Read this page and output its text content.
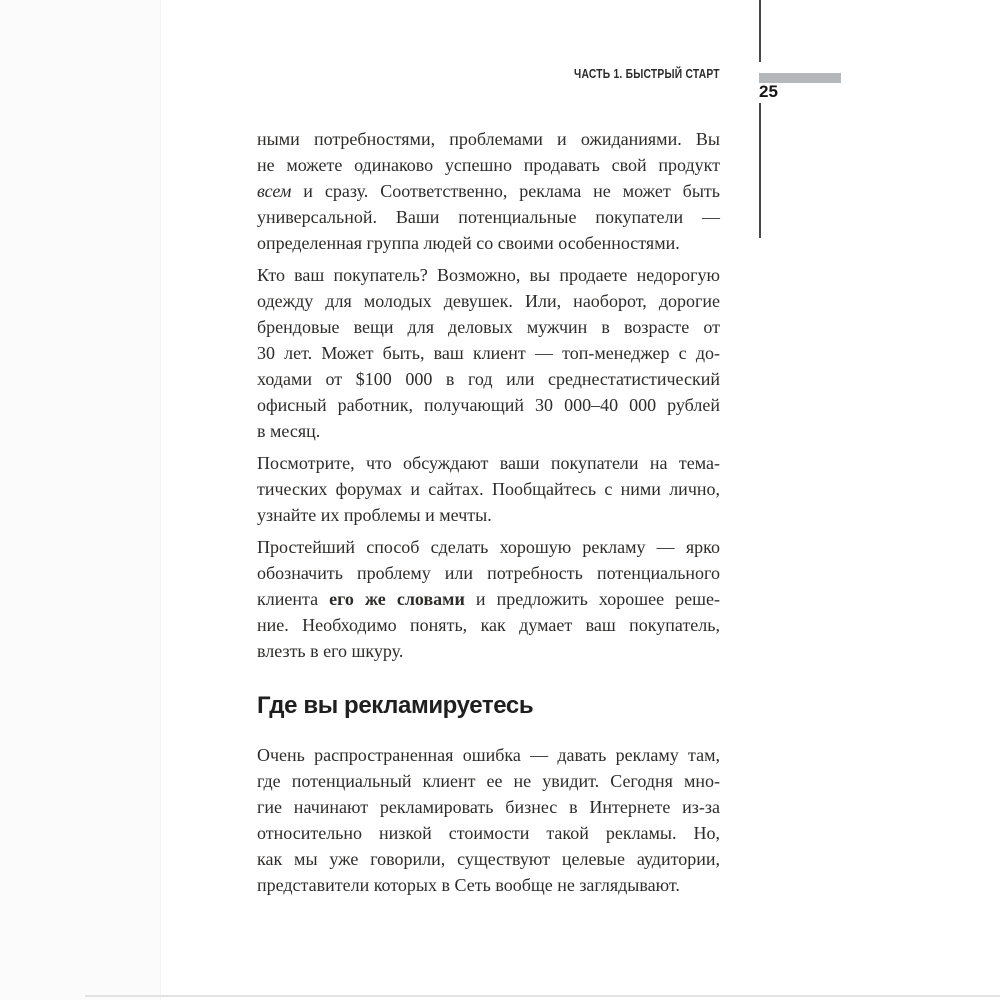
ЧАСТЬ 1. БЫСТРЫЙ СТАРТ
25
ными потребностями, проблемами и ожиданиями. Вы
не можете одинаково успешно продавать свой продукт
всем и сразу. Соответственно, реклама не может быть
универсальной. Ваши потенциальные покупатели —
определенная группа людей со своими особенностями.
Кто ваш покупатель? Возможно, вы продаете недорогую
одежду для молодых девушек. Или, наоборот, дорогие
брендовые вещи для деловых мужчин в возрасте от
30 лет. Может быть, ваш клиент — топ-менеджер с до-
ходами от $100 000 в год или среднестатистический
офисный работник, получающий 30 000–40 000 рублей
в месяц.
Посмотрите, что обсуждают ваши покупатели на тема-
тических форумах и сайтах. Пообщайтесь с ними лично,
узнайте их проблемы и мечты.
Простейший способ сделать хорошую рекламу — ярко
обозначить проблему или потребность потенциального
клиента его же словами и предложить хорошее реше-
ние. Необходимо понять, как думает ваш покупатель,
влезть в его шкуру.
Где вы рекламируетесь
Очень распространенная ошибка — давать рекламу там,
где потенциальный клиент ее не увидит. Сегодня мно-
гие начинают рекламировать бизнес в Интернете из-за
относительно низкой стоимости такой рекламы. Но,
как мы уже говорили, существуют целевые аудитории,
представители которых в Сеть вообще не заглядывают.
